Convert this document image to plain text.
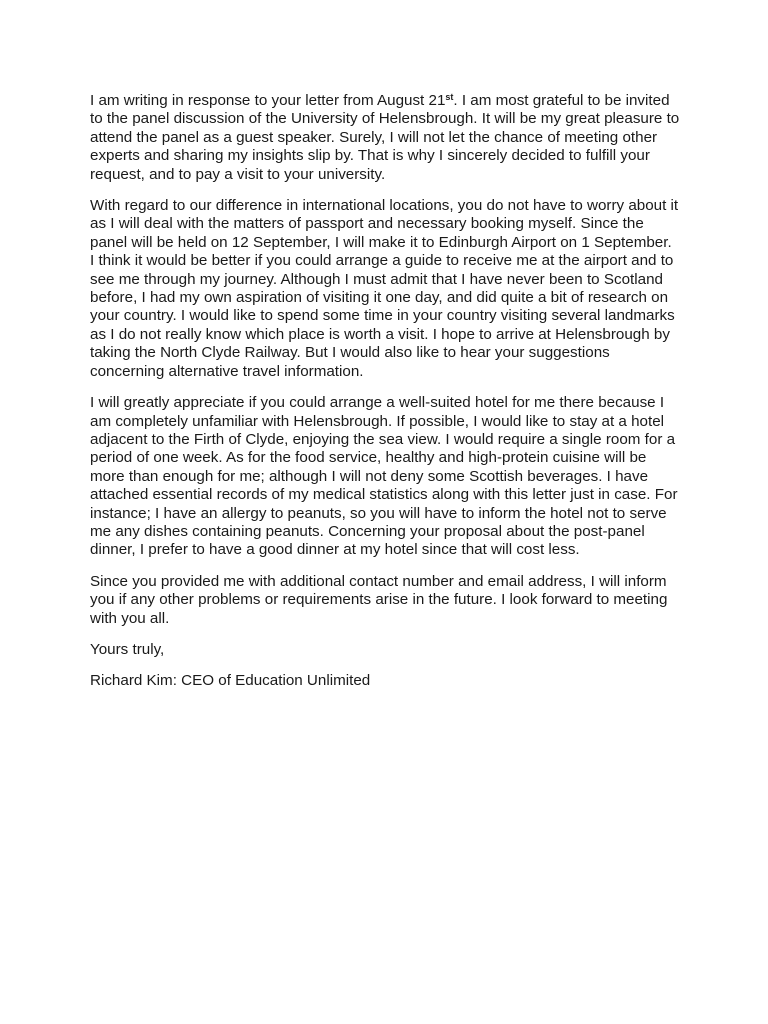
I am writing in response to your letter from August 21st. I am most grateful to be invited
to the panel discussion of the University of Helensbrough. It will be my great pleasure to
attend the panel as a guest speaker. Surely, I will not let the chance of meeting other
experts and sharing my insights slip by. That is why I sincerely decided to fulfill your
request, and to pay a visit to your university.

With regard to our difference in international locations, you do not have to worry about it
as I will deal with the matters of passport and necessary booking myself. Since the
panel will be held on 12 September, I will make it to Edinburgh Airport on 1 September.
I think it would be better if you could arrange a guide to receive me at the airport and to
see me through my journey. Although I must admit that I have never been to Scotland
before, I had my own aspiration of visiting it one day, and did quite a bit of research on
your country. I would like to spend some time in your country visiting several landmarks
as I do not really know which place is worth a visit. I hope to arrive at Helensbrough by
taking the North Clyde Railway. But I would also like to hear your suggestions
concerning alternative travel information.

I will greatly appreciate if you could arrange a well-suited hotel for me there because I
am completely unfamiliar with Helensbrough. If possible, I would like to stay at a hotel
adjacent to the Firth of Clyde, enjoying the sea view. I would require a single room for a
period of one week. As for the food service, healthy and high-protein cuisine will be
more than enough for me; although I will not deny some Scottish beverages. I have
attached essential records of my medical statistics along with this letter just in case. For
instance; I have an allergy to peanuts, so you will have to inform the hotel not to serve
me any dishes containing peanuts. Concerning your proposal about the post-panel
dinner, I prefer to have a good dinner at my hotel since that will cost less.

Since you provided me with additional contact number and email address, I will inform
you if any other problems or requirements arise in the future. I look forward to meeting
with you all.

Yours truly,

Richard Kim: CEO of Education Unlimited
